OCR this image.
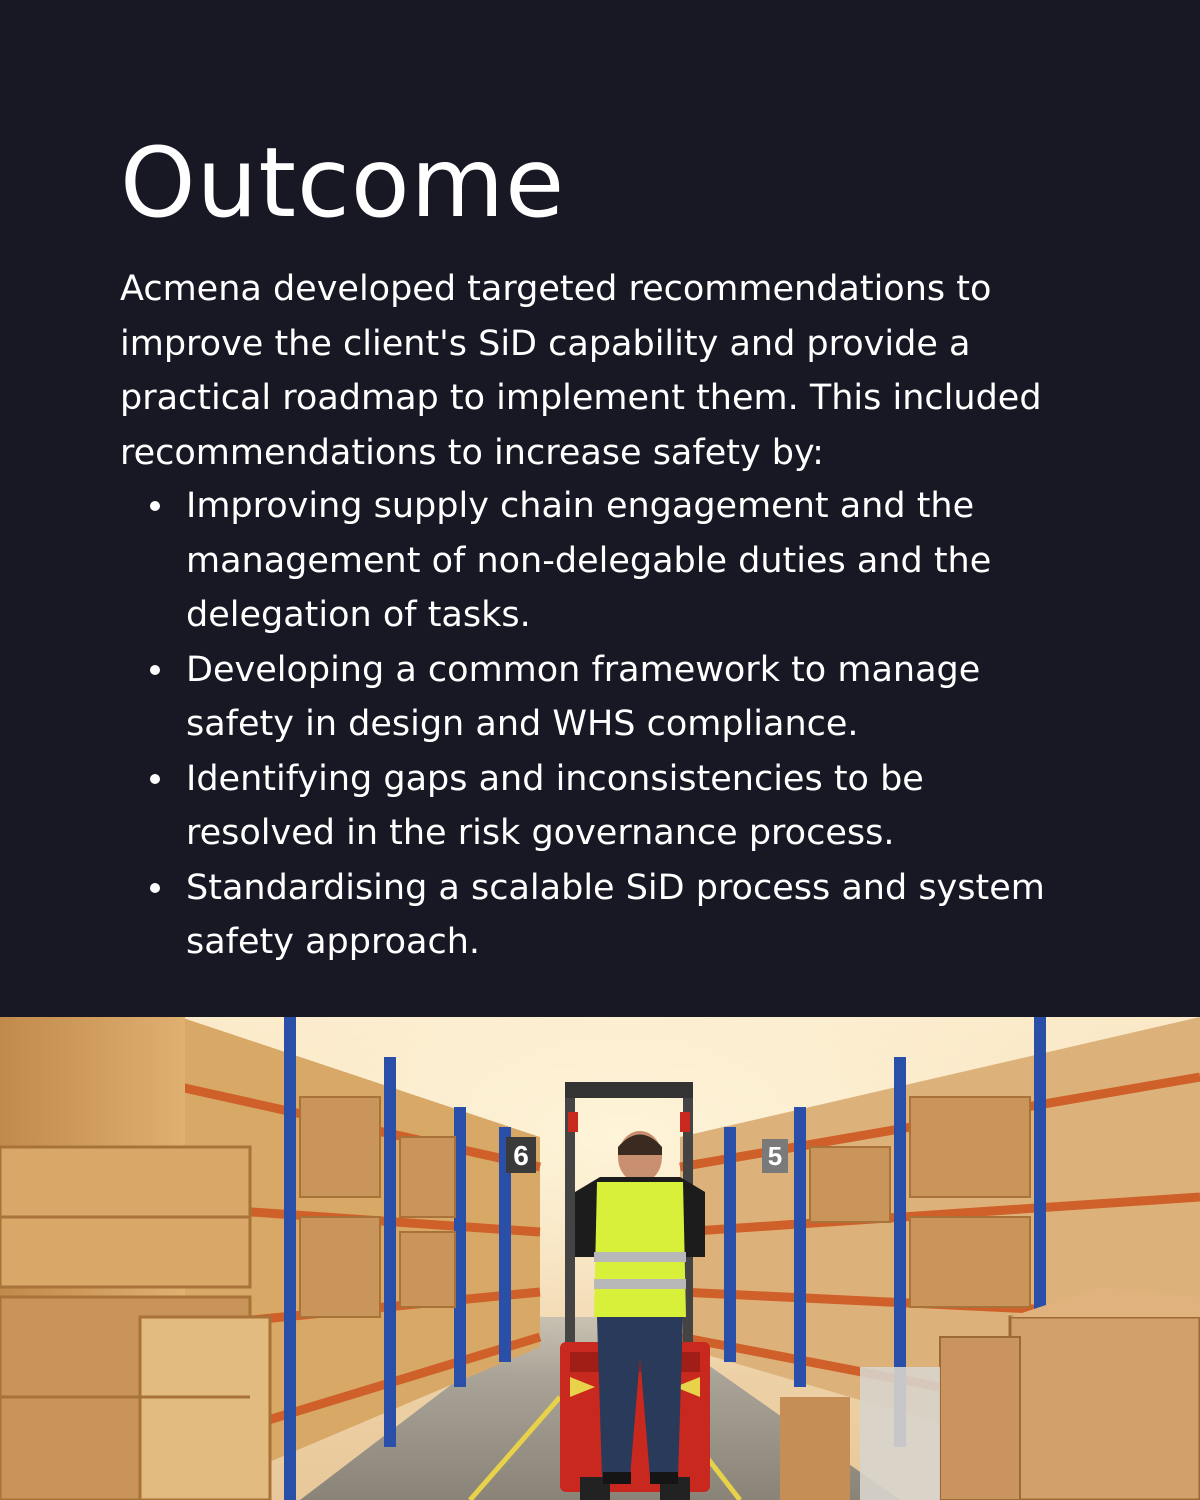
Outcome

Acmena developed targeted recommendations to improve the client's SiD capability and provide a practical roadmap to implement them. This included recommendations to increase safety by:

Improving supply chain engagement and the management of non-delegable duties and the delegation of tasks.
Developing a common framework to manage safety in design and WHS compliance.
Identifying gaps and inconsistencies to be resolved in the risk governance process.
Standardising a scalable SiD process and system safety approach.
6	5
